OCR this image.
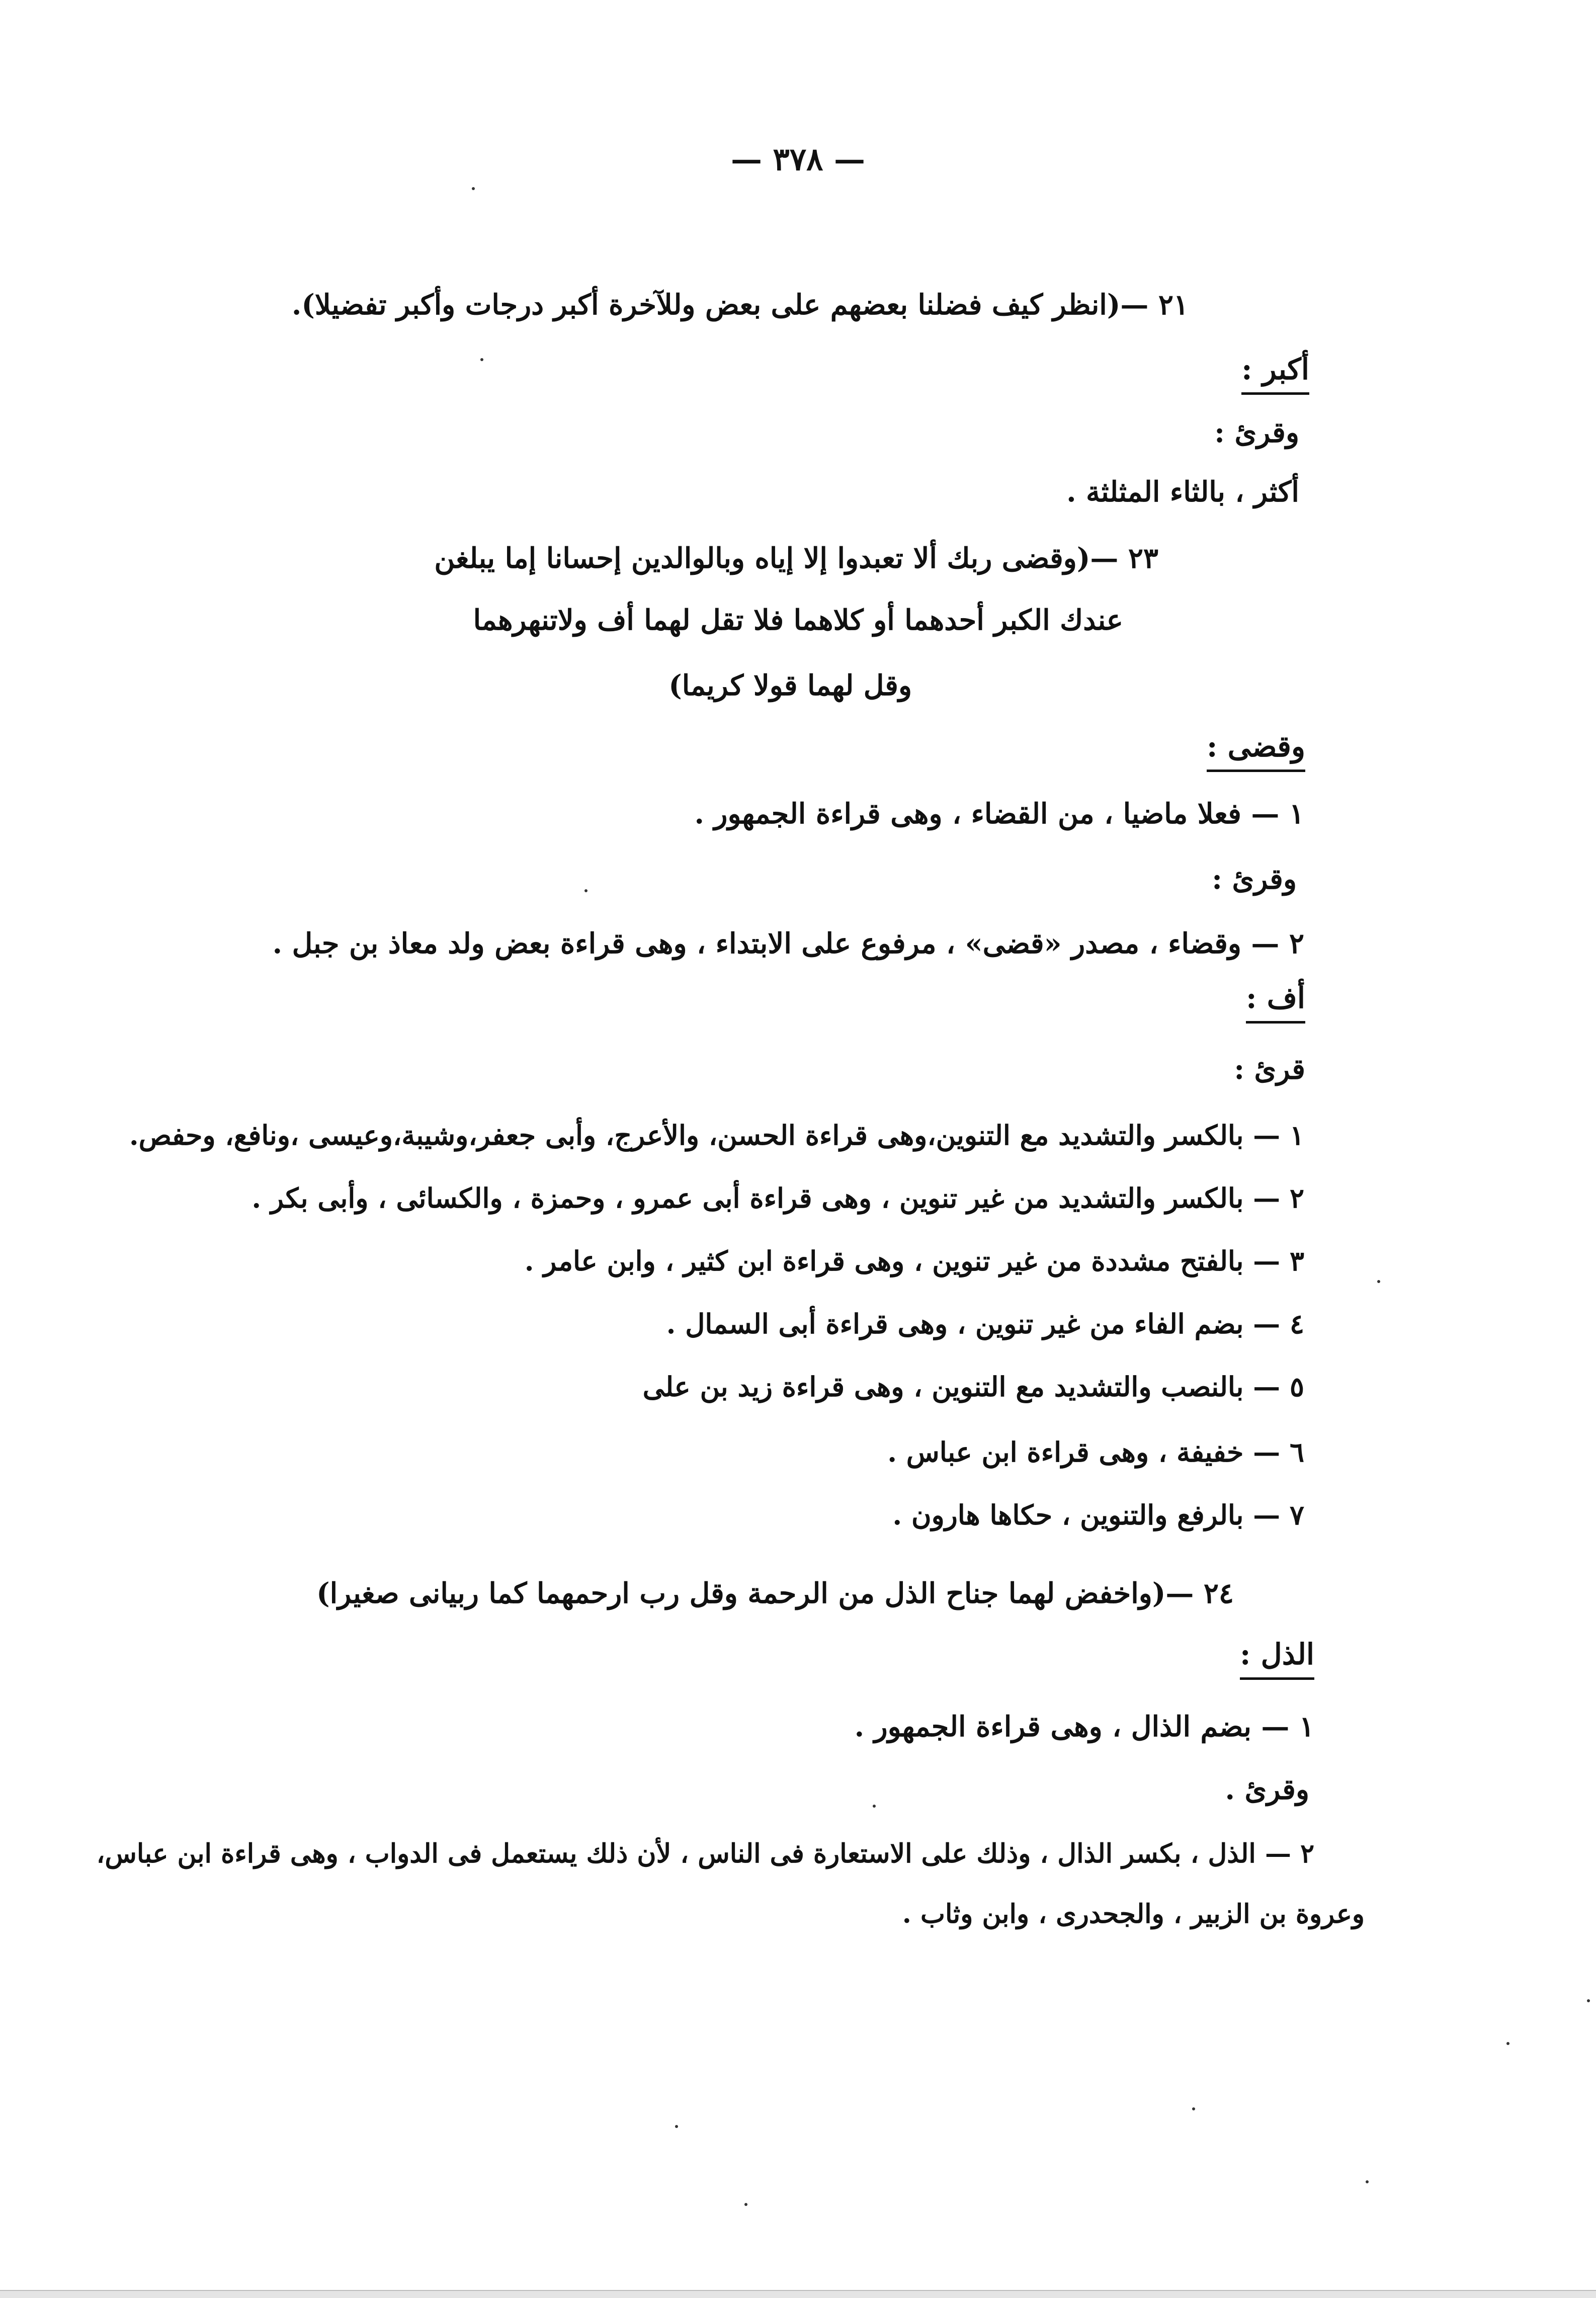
— ٣٧٨ —
٢١ —(انظر كيف فضلنا بعضهم على بعض وللآخرة أكبر درجات وأكبر تفضيلا).
أكبر :
وقرئ :
أكثر ، بالثاء المثلثة .
٢٣ —(وقضى ربك ألا تعبدوا إلا إياه وبالوالدين إحسانا إما يبلغن
عندك الكبر أحدهما أو كلاهما فلا تقل لهما أف ولاتنهرهما
وقل لهما قولا كريما)
وقضى :
١ — فعلا ماضيا ، من القضاء ، وهى قراءة الجمهور .
وقرئ :
٢ — وقضاء ، مصدر «قضى» ، مرفوع على الابتداء ، وهى قراءة بعض ولد معاذ بن جبل .
أف :
قرئ :
١ — بالكسر والتشديد مع التنوين،وهى قراءة الحسن، والأعرج، وأبى جعفر،وشيبة،وعيسى ،ونافع، وحفص.
٢ — بالكسر والتشديد من غير تنوين ، وهى قراءة أبى عمرو ، وحمزة ، والكسائى ، وأبى بكر .
٣ — بالفتح مشددة من غير تنوين ، وهى قراءة ابن كثير ، وابن عامر .
٤ — بضم الفاء من غير تنوين ، وهى قراءة أبى السمال .
٥ — بالنصب والتشديد مع التنوين ، وهى قراءة زيد بن على
٦ — خفيفة ، وهى قراءة ابن عباس .
٧ — بالرفع والتنوين ، حكاها هارون .
٢٤ —(واخفض لهما جناح الذل من الرحمة وقل رب ارحمهما كما ربيانى صغيرا)
الذل :
١ — بضم الذال ، وهى قراءة الجمهور .
وقرئ .
٢ — الذل ، بكسر الذال ، وذلك على الاستعارة فى الناس ، لأن ذلك يستعمل فى الدواب ، وهى قراءة ابن عباس،
وعروة بن الزبير ، والجحدرى ، وابن وثاب .
